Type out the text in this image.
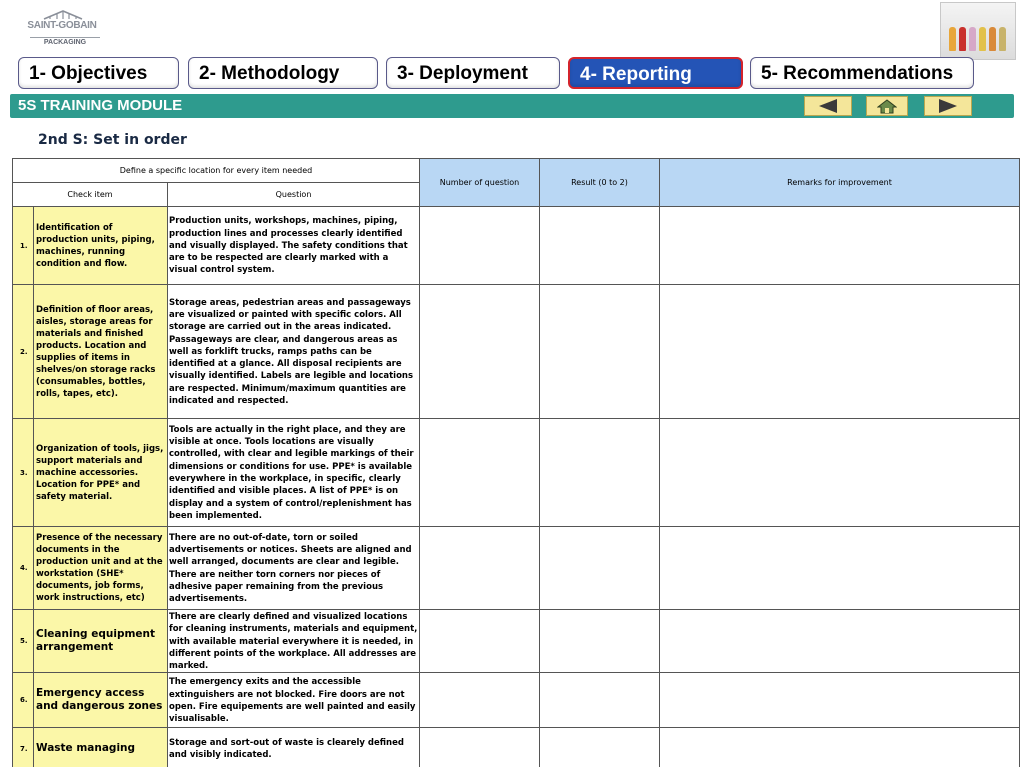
SAINT-GOBAIN
PACKAGING
1- Objectives	2- Methodology	3- Deployment	4- Reporting	5- Recommendations
5S TRAINING MODULE
2nd S: Set in order
Define a specific location for every item needed			Number of question	Result (0 to 2)	Remarks for improvement
Check item		Question			
1.	Identification of production units, piping, machines, running condition and flow.	Production units, workshops, machines, piping, production lines and processes clearly identified and visually displayed. The safety conditions that are to be respected are clearly marked with a visual control system.			
2.	Definition of floor areas, aisles, storage areas for materials and finished products. Location and supplies of items in shelves/on storage racks (consumables, bottles, rolls, tapes, etc).	Storage areas, pedestrian areas and passageways are visualized or painted with specific colors. All storage are carried out in the areas indicated. Passageways are clear, and dangerous areas as well as forklift trucks, ramps paths can be identified at a glance. All disposal recipients are visually identified. Labels are legible and locations are respected. Minimum/maximum quantities are indicated and respected.			
3.	Organization of tools, jigs, support materials and machine accessories. Location for PPE* and safety material.	Tools are actually in the right place, and they are visible at once. Tools locations are visually controlled, with clear and legible markings of their dimensions or conditions for use. PPE* is available everywhere in the workplace, in specific, clearly identified and visible places. A list of PPE* is on display and a system of control/replenishment has been implemented.			
4.	Presence of the necessary documents in the production unit and at the workstation (SHE* documents, job forms, work instructions, etc)	There are no out-of-date, torn or soiled advertisements or notices. Sheets are aligned and well arranged, documents are clear and legible. There are neither torn corners nor pieces of adhesive paper remaining from the previous advertisements.			
5.	Cleaning equipment arrangement	There are clearly defined and visualized locations for cleaning instruments, materials and equipment, with available material everywhere it is needed, in different points of the workplace. All addresses are marked.			
6.	Emergency access and dangerous zones	The emergency exits and the accessible extinguishers are not blocked. Fire doors are not open. Fire equipements are well painted and easily visualisable.			
7.	Waste managing	Storage and sort-out of waste is clearely defined and visibly indicated.			
